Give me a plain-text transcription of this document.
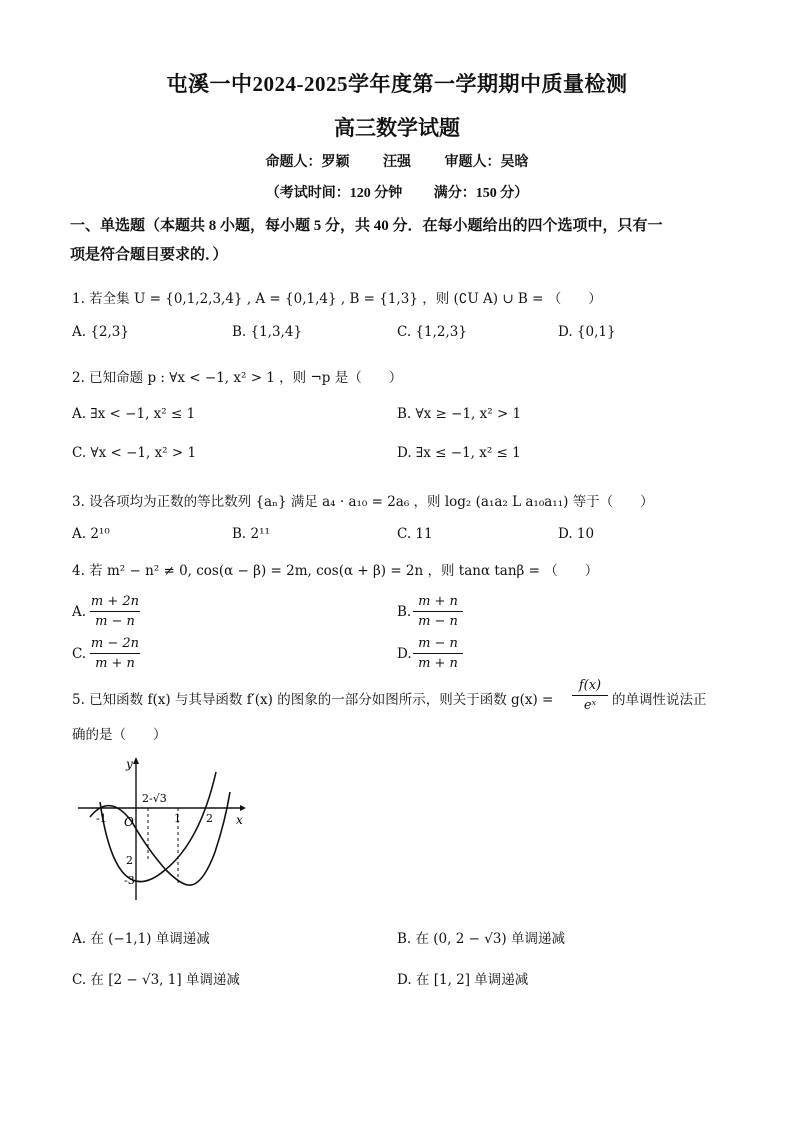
屯溪一中2024-2025学年度第一学期期中质量检测
高三数学试题
命题人：罗颖 汪强 审题人：吴晗
（考试时间：120 分钟 满分：150 分）
一、单选题（本题共 8 小题，每小题 5 分，共 40 分．在每小题给出的四个选项中，只有一
项是符合题目要求的．）
1. 若全集 U = {0,1,2,3,4} , A = {0,1,4} , B = {1,3} ，则 (∁U A) ∪ B = （　　）
A. {2,3}	B. {1,3,4}	C. {1,2,3}	D. {0,1}
2. 已知命题 p : ∀x < −1, x² > 1 ，则 ¬p 是（　　）
A. ∃x < −1, x² ≤ 1	B. ∀x ≥ −1, x² > 1
C. ∀x < −1, x² > 1	D. ∃x ≤ −1, x² ≤ 1
3. 设各项均为正数的等比数列 {aₙ} 满足 a₄ · a₁₀ = 2a₆ ，则 log₂ (a₁a₂ L a₁₀a₁₁) 等于（　　）
A. 2¹⁰	B. 2¹¹	C. 11	D. 10
4. 若 m² − n² ≠ 0, cos(α − β) = 2m, cos(α + β) = 2n ，则 tanα tanβ = （　　）
A. $\frac{m + 2n}{m - n}$	B. $\frac{m + n}{m - n}$
C. $\frac{m - 2n}{m + n}$	D. $\frac{m - n}{m + n}$
5. 已知函数 f(x) 与其导函数 f′(x) 的图象的一部分如图所示，则关于函数 $g(x) = \frac{f(x)}{\text{eˣ}}$ 的单调性说法正
确的是（　　）
y
x
O
-1	1 2
2-√3
2
-3
A. 在 (−1,1) 单调递减	B. 在 (0, 2 − √3) 单调递减
C. 在 [2 − √3, 1] 单调递减	D. 在 [1, 2] 单调递减
